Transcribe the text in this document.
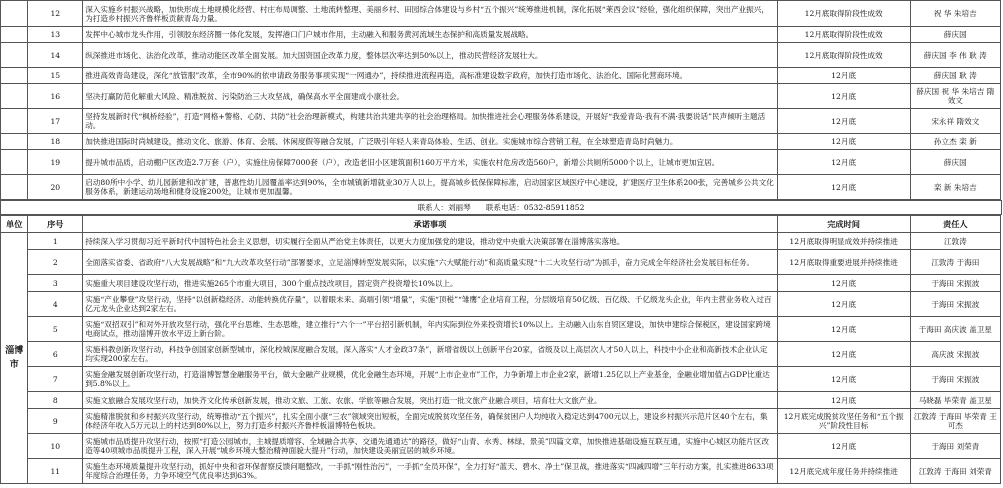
	12	深入实施乡村振兴战略，加快形成土地规模化经营、村庄布局调整、土地流转整理、美丽乡村、田园综合体建设与乡村“五个振兴”统筹推进机制，深化拓展“莱西会议”经验，强化组织保障，突出产业振兴，为打造乡村振兴齐鲁样板贡献青岛力量。	12月底取得阶段性成效	祝 华 朱培吉
	13	发挥中心城市龙头作用，引领胶东经济圈一体化发展，发挥港口门户城市作用，主动融入和服务黄河流域生态保护和高质量发展战略。	12月底取得阶段性成效	薛庆国
	14	纵深推进市场化、法治化改革，推动动能区改革全面发展。加大国资国企改革力度，整体层次率达到50%以上，推动民营经济发展壮大。	12月底取得阶段性成效	薛庆国 李 伟 耿 涛
	15	推进高效青岛建设，深化“放管服”改革，全市90%的依申请政务服务事项实现“一网通办”，持续推进流程再造，高标准建设数字政府，加快打造市场化、法治化、国际化营商环境。	12月底	薛庆国 耿 涛
	16	坚决打赢防范化解重大风险、精准脱贫、污染防治三大攻坚战，确保高水平全面建成小康社会。	12月底	薛庆国 祝 华 朱培吉 隋效文
	17	坚持发展新时代“枫桥经验”，打造“网格+警格、心防、共防”社会治理新模式，构建共治共建共享的社会治理格局。加快推进社会心理服务体系建设，开展好“我爱青岛·我有不满·我要说话”民声倾听主题活动。	12月底	宋永祥 隋效文
	18	加快推进国际时尚城建设，推动文化、旅游、体育、会展、休闲度假等融合发展，广泛吸引年轻人来青岛体验、生活、创业。实施城市综合营销工程，在全球塑造青岛时尚魅力。	12月底	孙立杰 栾 新
	19	提升城市品质，启动棚户区改造2.7万套（户），实施住房保障7000套（户），改造老旧小区建筑面积160万平方米，实施农村危房改造560户，新增公共厕所5000个以上，让城市更加宜居。	12月底	薛庆国
	20	启动80所中小学、幼儿园新建和改扩建，普惠性幼儿园覆盖率达到90%，全市城镇新增就业30万人以上，提高城乡低保保障标准，启动国家区域医疗中心建设，扩建医疗卫生体系200张，完善城乡公共文化服务体系，新建运动场地和健身设施200处，让城市更加温馨。	12月底	栾 新 朱培吉
联系人：刘丽琴　　联系电话：0532-85911852
单位	序号	承诺事项	完成时间	责任人
淄博市	1	持续深入学习贯彻习近平新时代中国特色社会主义思想，切实履行全面从严治党主体责任，以更大力度加强党的建设，推动党中央重大决策部署在淄博落实落地。	12月底取得明显成效并持续推进	江敦涛
	2	全面落实省委、省政府“八大发展战略”和“九大改革攻坚行动”部署要求，立足淄博转型发展实际，以实施“六大赋能行动”和高质量实现“十二大攻坚行动”为抓手，奋力完成全年经济社会发展目标任务。	12月底取得重要进展并持续推进	江敦涛 于海田
	3	实施重大项目建设攻坚行动，推进实施265个市重大项目，300个重点技改项目，固定资产投资增长10%以上。	12月底	于海田 宋振波
	4	实施“产业攀登”攻坚行动，坚持“以创新稳经济、动能转换优存量”，以着眼未来、高端引领“增量”，实施“顶税”“雏鹰”企业培育工程，分层级培育50亿级、百亿级、千亿级龙头企业，年内主营业务收入过百亿元龙头企业达到2家左右。	12月底	于海田 宋振波
	5	实施“双招双引”和对外开放攻坚行动，强化平台思维、生态思维，建立推行“六个一”平台招引新机制，年内实际到位外来投资增长10%以上。主动融入山东自贸区建设，加快申建综合保税区，建设国家跨境电商试点，推动淄博开放水平迈上新台阶。	12月底	于海田 高庆波 盖卫星
	6	实施科教创新攻坚行动，科技争创国家创新型城市，深化校城深度融合发展，深入落实“人才金政37条”，新增省级以上创新平台20家，省级及以上高层次人才50人以上，科技中小企业和高新技术企业认定均实现200家左右。	12月底	高庆波 宋振波
	7	实施金融发展创新攻坚行动，打造淄博智慧金融服务平台，做大金融产业规模，优化金融生态环境，开展“上市企业市”工作，力争新增上市企业2家，新增1.25亿以上产业基金，金融业增加值占GDP比重达到5.8%以上。	12月底	于海田 宋振波
	8	实施文旅融合发展攻坚行动，加快齐文化传承创新发展，推动文旅、工旅、农旅、学旅等融合发展，突出打造一批文旅产业融合项目，培育壮大文旅产业。	12月底	马晓磊 毕荣青 盖卫星
	9	实施精准脱贫和乡村振兴攻坚行动，统筹推动“五个振兴”，扎实全面小康“三农”领域突出短板，全面完成脱贫攻坚任务，确保贫困户人均纯收入稳定达到4700元以上，建设乡村振兴示范片区40个左右，集体经济年收入5万元以上的村达到80%以上，努力打造乡村振兴齐鲁样板淄博特色板块。	12月底完成脱贫攻坚任务和“五个振兴”阶段性目标	江敦涛 于海田 毕荣青 王可杰
	10	实施城市品质提升攻坚行动，按照“打造公园城市，主城提质增容、全域融合共享、交通先通通达”的路径，做好“山青、水秀、林绿、景美”四篇文章，加快推进基础设施互联互通，实施中心城区功能片区改造等40项城市品质提升工程，深入开展“城乡环境大整治精神面貌大提升”行动，加快建设美丽宜居的城乡环境。	12月底	于海田 刘荣青
	11	实施生态环境质量提升攻坚行动，抓好中央和省环保督察反馈问题整改，一手抓“刚性治污”，一手抓“全员环保”，全力打好“蓝天、碧水、净土”保卫战，推进落实“四减四增”三年行动方案，扎实推进8633项年度综合治理任务，力争环境空气优良率达到63%。	12月底完成年度任务并持续推进	江敦涛 于海田 刘荣青
